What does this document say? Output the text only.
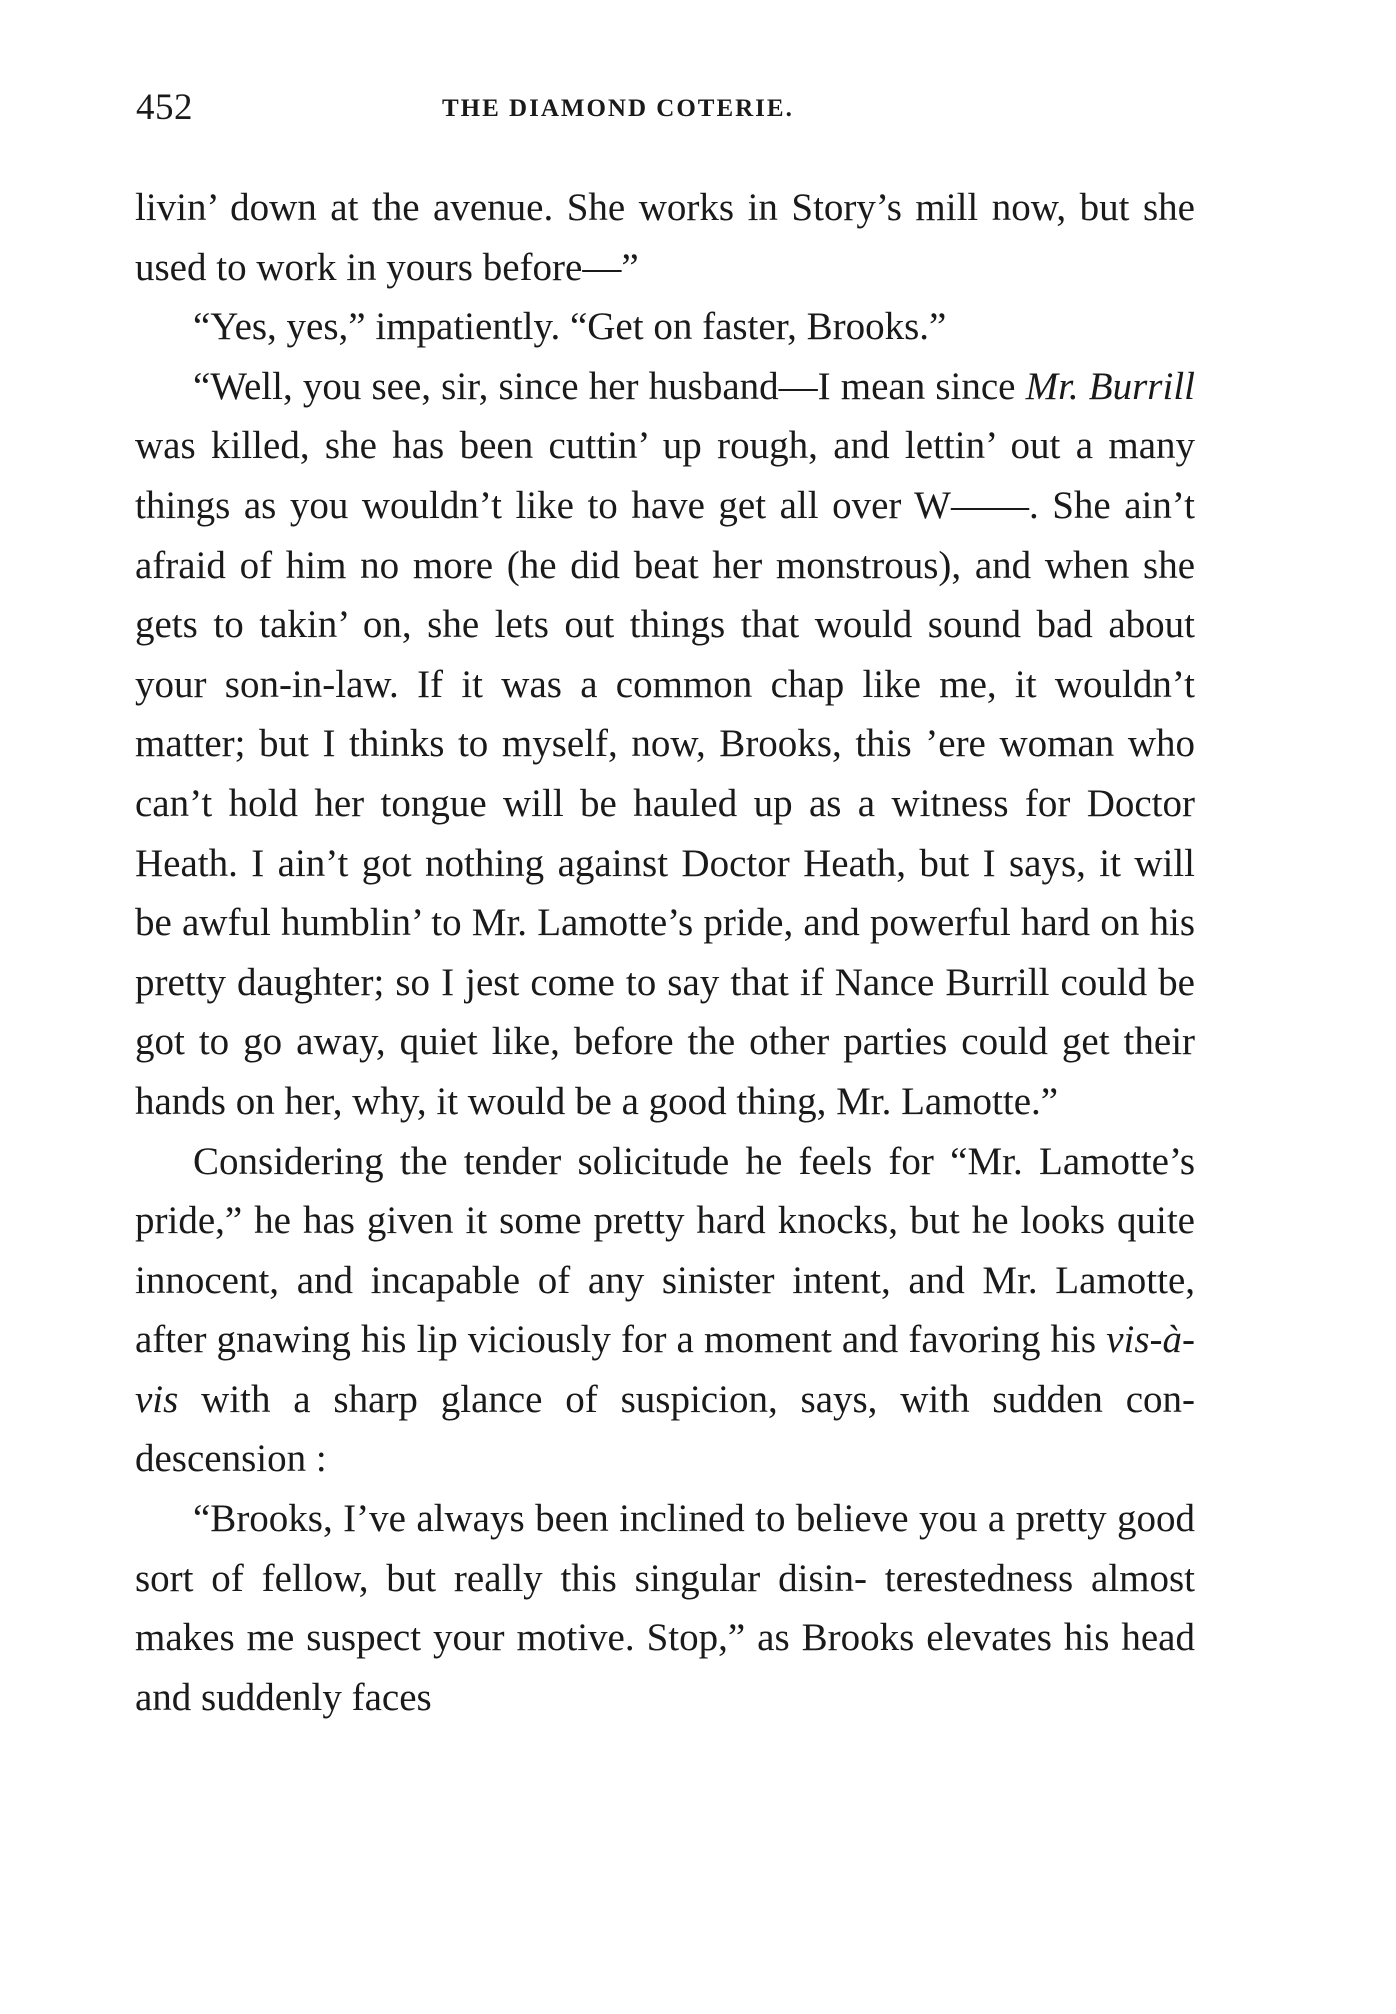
452	THE DIAMOND COTERIE.

livin’ down at the avenue. She works in Story’s mill now, but she used to work in yours before—”

“Yes, yes,” impatiently. “Get on faster, Brooks.”

“Well, you see, sir, since her husband—I mean since Mr. Burrill was killed, she has been cuttin’ up rough, and lettin’ out a many things as you wouldn’t like to have get all over W——. She ain’t afraid of him no more (he did beat her monstrous), and when she gets to takin’ on, she lets out things that would sound bad about your son-in-law. If it was a common chap like me, it wouldn’t matter; but I thinks to myself, now, Brooks, this ’ere woman who can’t hold her tongue will be hauled up as a witness for Doctor Heath. I ain’t got nothing against Doctor Heath, but I says, it will be awful humblin’ to Mr. Lamotte’s pride, and powerful hard on his pretty daughter; so I jest come to say that if Nance Burrill could be got to go away, quiet like, before the other parties could get their hands on her, why, it would be a good thing, Mr. Lamotte.”

Considering the tender solicitude he feels for “Mr. Lamotte’s pride,” he has given it some pretty hard knocks, but he looks quite innocent, and incapable of any sinister intent, and Mr. Lamotte, after gnawing his lip viciously for a moment and favoring his vis-à-vis with a sharp glance of suspicion, says, with sudden con- descension :

“Brooks, I’ve always been inclined to believe you a pretty good sort of fellow, but really this singular disin- terestedness almost makes me suspect your motive. Stop,” as Brooks elevates his head and suddenly faces
